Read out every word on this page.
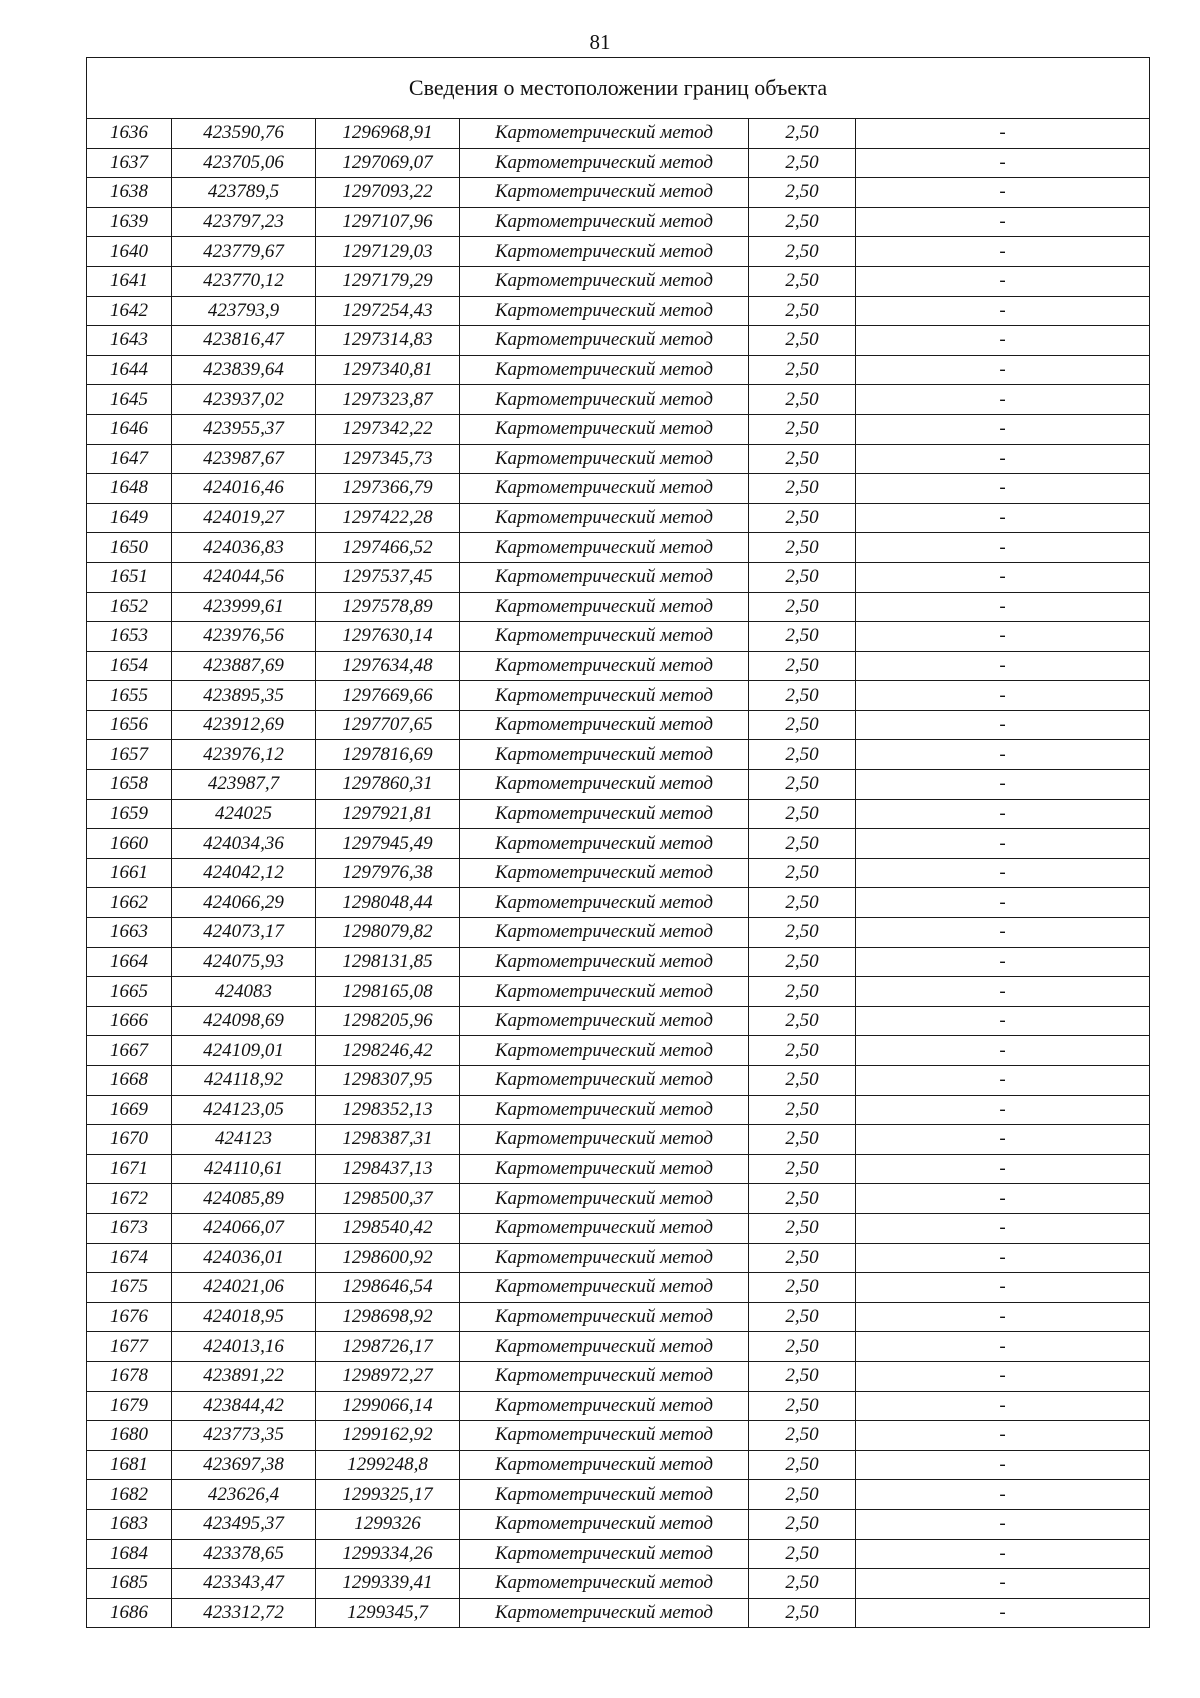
81
Сведения о местоположении границ объекта					
1636	423590,76	1296968,91	Картометрический метод	2,50	-
1637	423705,06	1297069,07	Картометрический метод	2,50	-
1638	423789,5	1297093,22	Картометрический метод	2,50	-
1639	423797,23	1297107,96	Картометрический метод	2,50	-
1640	423779,67	1297129,03	Картометрический метод	2,50	-
1641	423770,12	1297179,29	Картометрический метод	2,50	-
1642	423793,9	1297254,43	Картометрический метод	2,50	-
1643	423816,47	1297314,83	Картометрический метод	2,50	-
1644	423839,64	1297340,81	Картометрический метод	2,50	-
1645	423937,02	1297323,87	Картометрический метод	2,50	-
1646	423955,37	1297342,22	Картометрический метод	2,50	-
1647	423987,67	1297345,73	Картометрический метод	2,50	-
1648	424016,46	1297366,79	Картометрический метод	2,50	-
1649	424019,27	1297422,28	Картометрический метод	2,50	-
1650	424036,83	1297466,52	Картометрический метод	2,50	-
1651	424044,56	1297537,45	Картометрический метод	2,50	-
1652	423999,61	1297578,89	Картометрический метод	2,50	-
1653	423976,56	1297630,14	Картометрический метод	2,50	-
1654	423887,69	1297634,48	Картометрический метод	2,50	-
1655	423895,35	1297669,66	Картометрический метод	2,50	-
1656	423912,69	1297707,65	Картометрический метод	2,50	-
1657	423976,12	1297816,69	Картометрический метод	2,50	-
1658	423987,7	1297860,31	Картометрический метод	2,50	-
1659	424025	1297921,81	Картометрический метод	2,50	-
1660	424034,36	1297945,49	Картометрический метод	2,50	-
1661	424042,12	1297976,38	Картометрический метод	2,50	-
1662	424066,29	1298048,44	Картометрический метод	2,50	-
1663	424073,17	1298079,82	Картометрический метод	2,50	-
1664	424075,93	1298131,85	Картометрический метод	2,50	-
1665	424083	1298165,08	Картометрический метод	2,50	-
1666	424098,69	1298205,96	Картометрический метод	2,50	-
1667	424109,01	1298246,42	Картометрический метод	2,50	-
1668	424118,92	1298307,95	Картометрический метод	2,50	-
1669	424123,05	1298352,13	Картометрический метод	2,50	-
1670	424123	1298387,31	Картометрический метод	2,50	-
1671	424110,61	1298437,13	Картометрический метод	2,50	-
1672	424085,89	1298500,37	Картометрический метод	2,50	-
1673	424066,07	1298540,42	Картометрический метод	2,50	-
1674	424036,01	1298600,92	Картометрический метод	2,50	-
1675	424021,06	1298646,54	Картометрический метод	2,50	-
1676	424018,95	1298698,92	Картометрический метод	2,50	-
1677	424013,16	1298726,17	Картометрический метод	2,50	-
1678	423891,22	1298972,27	Картометрический метод	2,50	-
1679	423844,42	1299066,14	Картометрический метод	2,50	-
1680	423773,35	1299162,92	Картометрический метод	2,50	-
1681	423697,38	1299248,8	Картометрический метод	2,50	-
1682	423626,4	1299325,17	Картометрический метод	2,50	-
1683	423495,37	1299326	Картометрический метод	2,50	-
1684	423378,65	1299334,26	Картометрический метод	2,50	-
1685	423343,47	1299339,41	Картометрический метод	2,50	-
1686	423312,72	1299345,7	Картометрический метод	2,50	-
